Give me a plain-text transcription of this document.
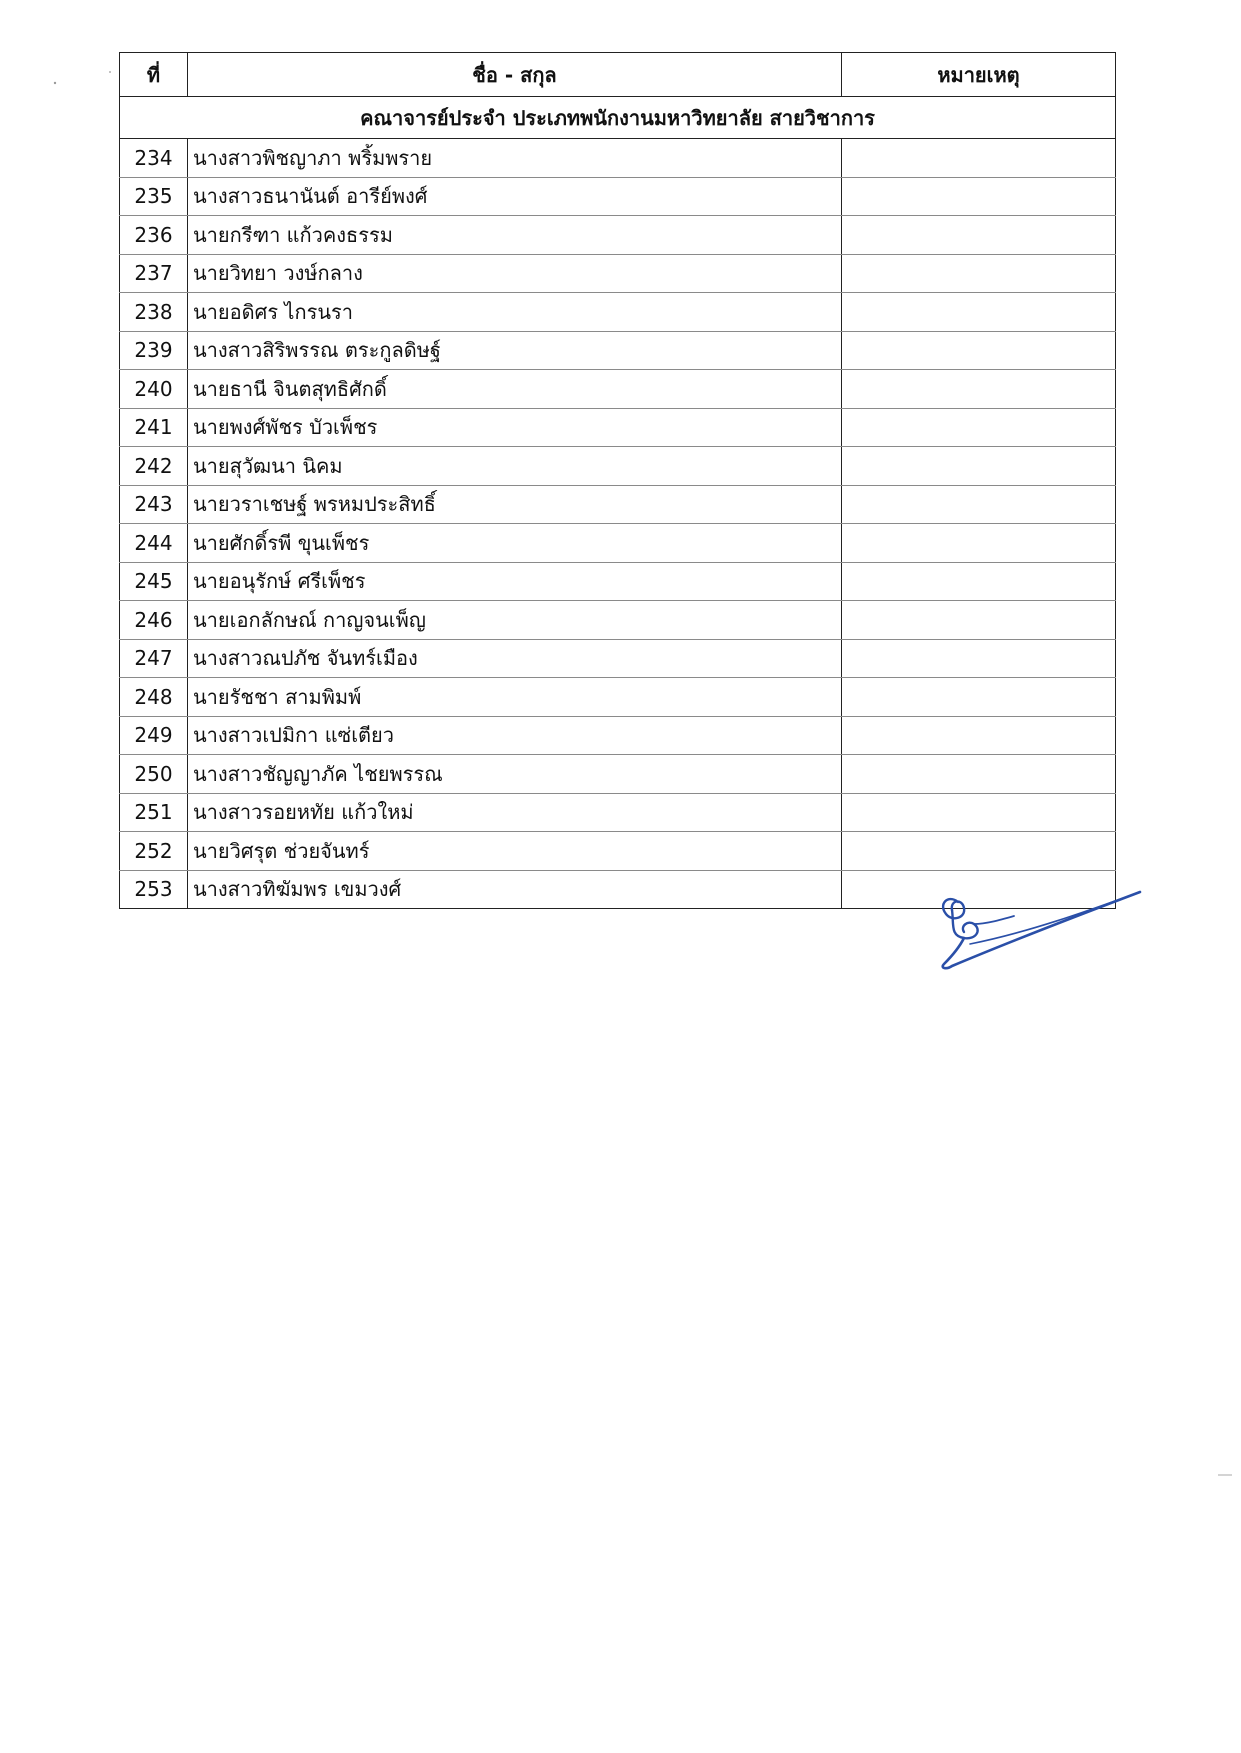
ที่	ชื่อ - สกุล	หมายเหตุ
คณาจารย์ประจำ ประเภทพนักงานมหาวิทยาลัย สายวิชาการ		
234	นางสาวพิชญาภา พริ้มพราย	
235	นางสาวธนานันต์ อารีย์พงศ์	
236	นายกรีฑา แก้วคงธรรม	
237	นายวิทยา วงษ์กลาง	
238	นายอดิศร ไกรนรา	
239	นางสาวสิริพรรณ ตระกูลดิษฐ์	
240	นายธานี จินตสุทธิศักดิ์	
241	นายพงศ์พัชร บัวเพ็ชร	
242	นายสุวัฒนา นิคม	
243	นายวราเชษฐ์ พรหมประสิทธิ์	
244	นายศักดิ์รพี ขุนเพ็ชร	
245	นายอนุรักษ์ ศรีเพ็ชร	
246	นายเอกลักษณ์ กาญจนเพ็ญ	
247	นางสาวณปภัช จันทร์เมือง	
248	นายรัชชา สามพิมพ์	
249	นางสาวเปมิกา แซ่เตียว	
250	นางสาวชัญญาภัค ไชยพรรณ	
251	นางสาวรอยหทัย แก้วใหม่	
252	นายวิศรุต ช่วยจันทร์	
253	นางสาวทิฆัมพร เขมวงศ์	
